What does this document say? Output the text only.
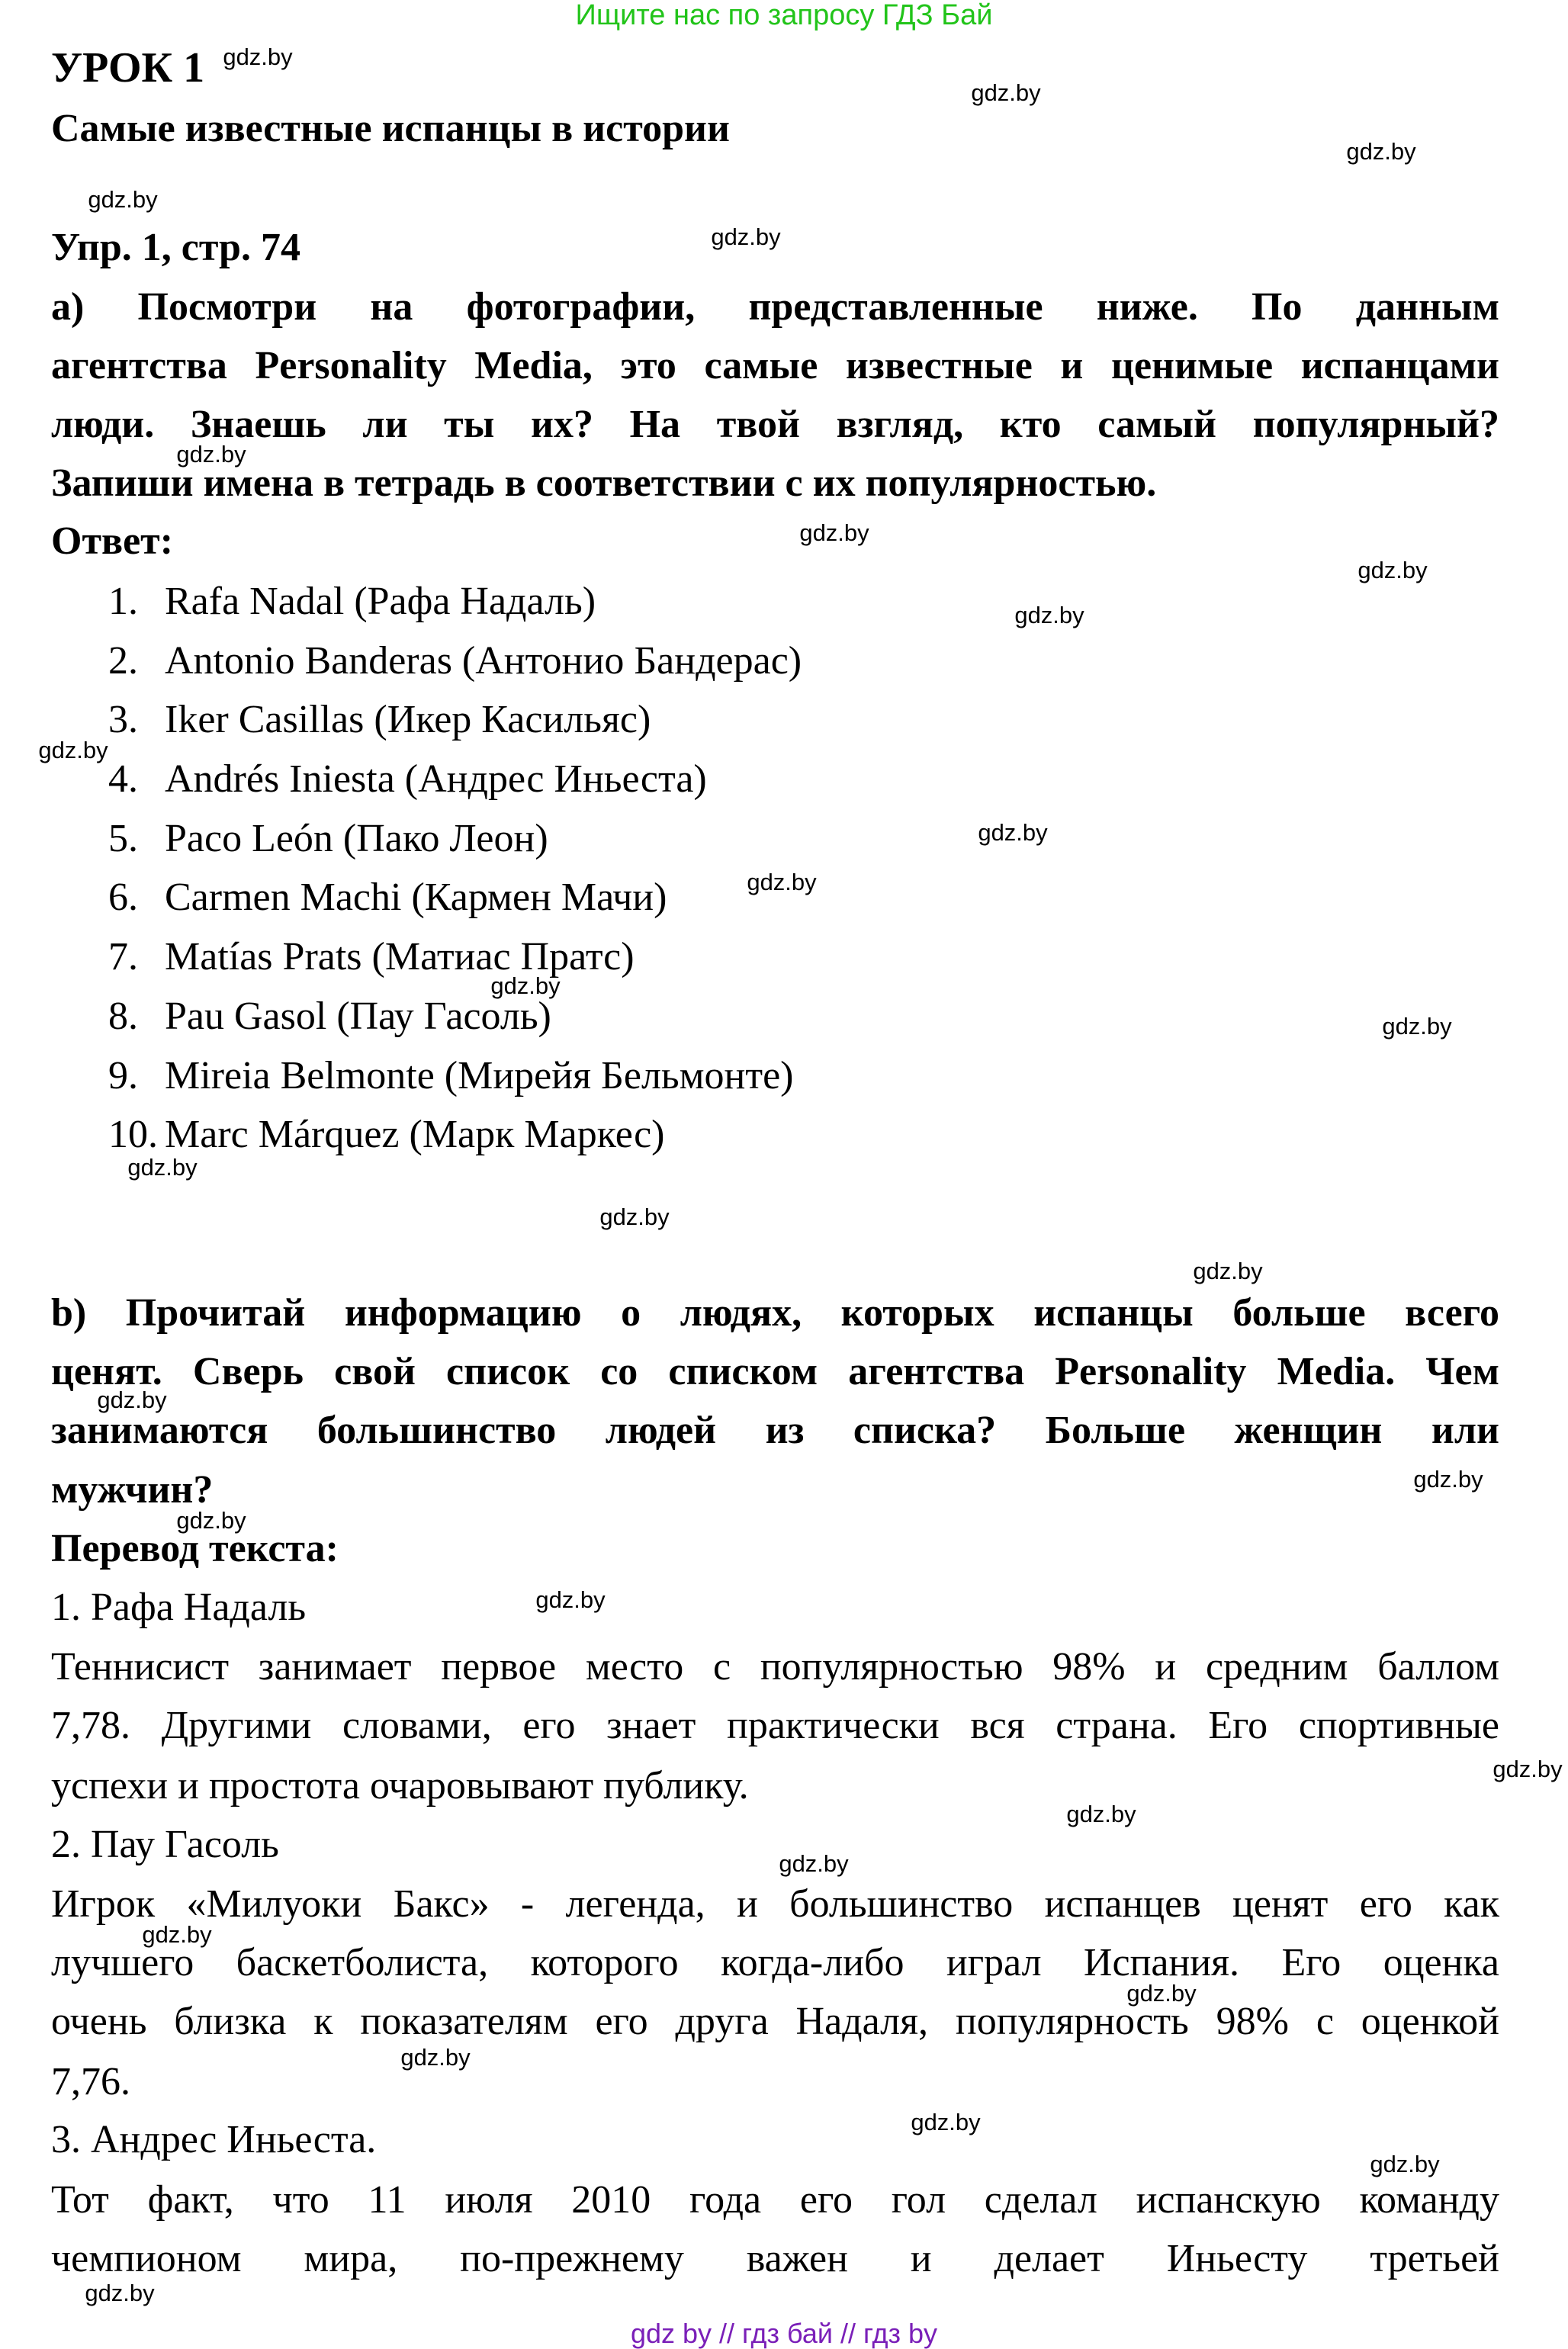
Ищите нас по запросу ГДЗ Бай
УРОК 1
Самые известные испанцы в истории
Упр. 1, стр. 74
а) Посмотри на фотографии, представленные ниже. По данным
агентства Personality Media, это самые известные и ценимые испанцами
люди. Знаешь ли ты их? На твой взгляд, кто самый популярный?
Запиши имена в тетрадь в соответствии с их популярностью.
Ответ:
1. Rafa Nadal (Рафа Надаль)
2. Antonio Banderas (Антонио Бандерас)
3. Iker Casillas (Икер Касильяс)
4. Andrés Iniesta (Андрес Иньеста)
5. Paco León (Пако Леон)
6. Carmen Machi (Кармен Мачи)
7. Matías Prats (Матиас Пратс)
8. Pau Gasol (Пау Гасоль)
9. Mireia Belmonte (Мирейя Бельмонте)
10. Marc Márquez (Марк Маркес)
b) Прочитай информацию о людях, которых испанцы больше всего
ценят. Сверь свой список со списком агентства Personality Media. Чем
занимаются большинство людей из списка? Больше женщин или
мужчин?
Перевод текста:
1. Рафа Надаль
Теннисист занимает первое место с популярностью 98% и средним баллом
7,78. Другими словами, его знает практически вся страна. Его спортивные
успехи и простота очаровывают публику.
2. Пау Гасоль
Игрок «Милуоки Бакс» - легенда, и большинство испанцев ценят его как
лучшего баскетболиста, которого когда-либо играл Испания. Его оценка
очень близка к показателям его друга Надаля, популярность 98% с оценкой
7,76.
3. Андрес Иньеста.
Тот факт, что 11 июля 2010 года его гол сделал испанскую команду
чемпионом мира, по-прежнему важен и делает Иньесту третьей
gdz.by
gdz.by
gdz.by
gdz.by
gdz.by
gdz.by
gdz.by
gdz.by
gdz.by
gdz.by
gdz.by
gdz.by
gdz.by
gdz.by
gdz.by
gdz.by
gdz.by
gdz.by
gdz.by
gdz.by
gdz.by
gdz.by
gdz.by
gdz.by
gdz.by
gdz.by
gdz.by
gdz.by
gdz.by
gdz.by
gdz by // гдз бай // гдз by
